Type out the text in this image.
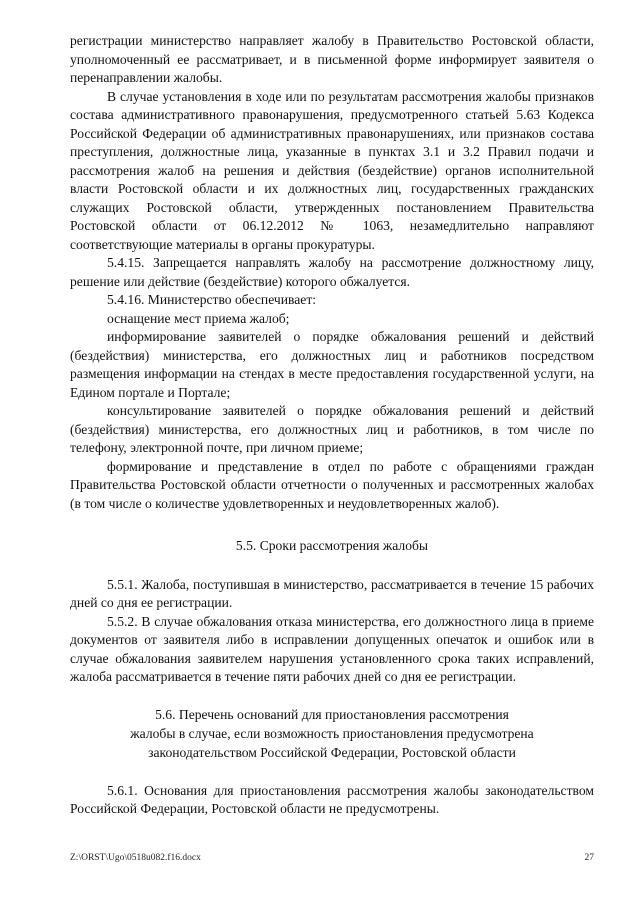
регистрации министерство направляет жалобу в Правительство Ростовской области, уполномоченный ее рассматривает, и в письменной форме информирует заявителя о перенаправлении жалобы.

В случае установления в ходе или по результатам рассмотрения жалобы признаков состава административного правонарушения, предусмотренного статьей 5.63 Кодекса Российской Федерации об административных правонарушениях, или признаков состава преступления, должностные лица, указанные в пунктах 3.1 и 3.2 Правил подачи и рассмотрения жалоб на решения и действия (бездействие) органов исполнительной власти Ростовской области и их должностных лиц, государственных гражданских служащих Ростовской области, утвержденных постановлением Правительства Ростовской области от 06.12.2012 № 1063, незамедлительно направляют соответствующие материалы в органы прокуратуры.

5.4.15. Запрещается направлять жалобу на рассмотрение должностному лицу, решение или действие (бездействие) которого обжалуется.

5.4.16. Министерство обеспечивает:

оснащение мест приема жалоб;

информирование заявителей о порядке обжалования решений и действий (бездействия) министерства, его должностных лиц и работников посредством размещения информации на стендах в месте предоставления государственной услуги, на Едином портале и Портале;

консультирование заявителей о порядке обжалования решений и действий (бездействия) министерства, его должностных лиц и работников, в том числе по телефону, электронной почте, при личном приеме;

формирование и представление в отдел по работе с обращениями граждан Правительства Ростовской области отчетности о полученных и рассмотренных жалобах (в том числе о количестве удовлетворенных и неудовлетворенных жалоб).

5.5. Сроки рассмотрения жалобы

5.5.1. Жалоба, поступившая в министерство, рассматривается в течение 15 рабочих дней со дня ее регистрации.

5.5.2. В случае обжалования отказа министерства, его должностного лица в приеме документов от заявителя либо в исправлении допущенных опечаток и ошибок или в случае обжалования заявителем нарушения установленного срока таких исправлений, жалоба рассматривается в течение пяти рабочих дней со дня ее регистрации.

5.6. Перечень оснований для приостановления рассмотрения
жалобы в случае, если возможность приостановления предусмотрена
законодательством Российской Федерации, Ростовской области

5.6.1. Основания для приостановления рассмотрения жалобы законодательством Российской Федерации, Ростовской области не предусмотрены.

Z:\ORST\Ugo\0518u082.f16.docx	27
